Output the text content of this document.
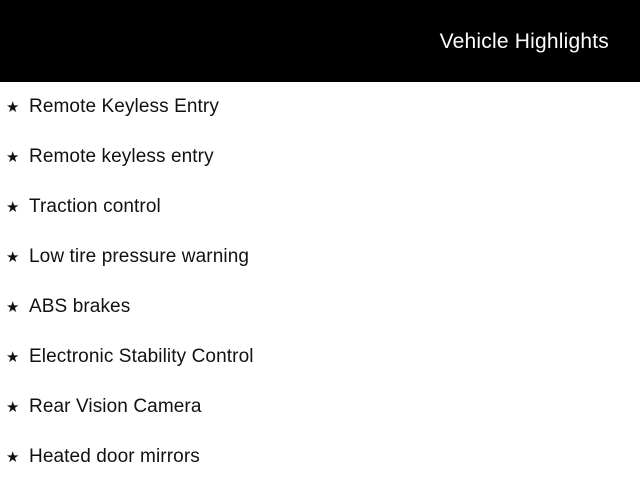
Vehicle Highlights
★ Remote Keyless Entry
★ Remote keyless entry
★ Traction control
★ Low tire pressure warning
★ ABS brakes
★ Electronic Stability Control
★ Rear Vision Camera
★ Heated door mirrors
